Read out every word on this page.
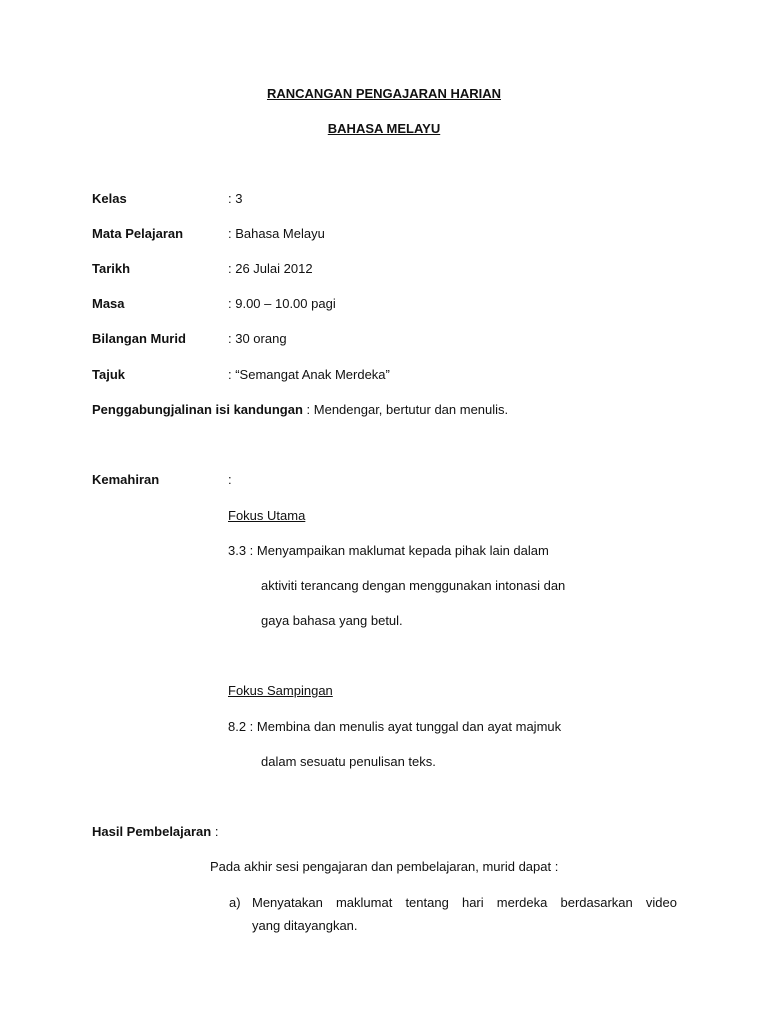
RANCANGAN PENGAJARAN HARIAN
BAHASA MELAYU
Kelas	: 3
Mata Pelajaran	: Bahasa Melayu
Tarikh	: 26 Julai 2012
Masa	: 9.00 – 10.00 pagi
Bilangan Murid	: 30 orang
Tajuk	: “Semangat Anak Merdeka”
Penggabungjalinan isi kandungan : Mendengar, bertutur dan menulis.
Kemahiran	:
Fokus Utama
3.3 : Menyampaikan maklumat kepada pihak lain dalam
aktiviti terancang dengan menggunakan intonasi dan
gaya bahasa yang betul.
Fokus Sampingan
8.2 : Membina dan menulis ayat tunggal dan ayat majmuk
dalam sesuatu penulisan teks.
Hasil Pembelajaran :
Pada akhir sesi pengajaran dan pembelajaran, murid dapat :
a) Menyatakan maklumat tentang hari merdeka berdasarkan video
yang ditayangkan.
